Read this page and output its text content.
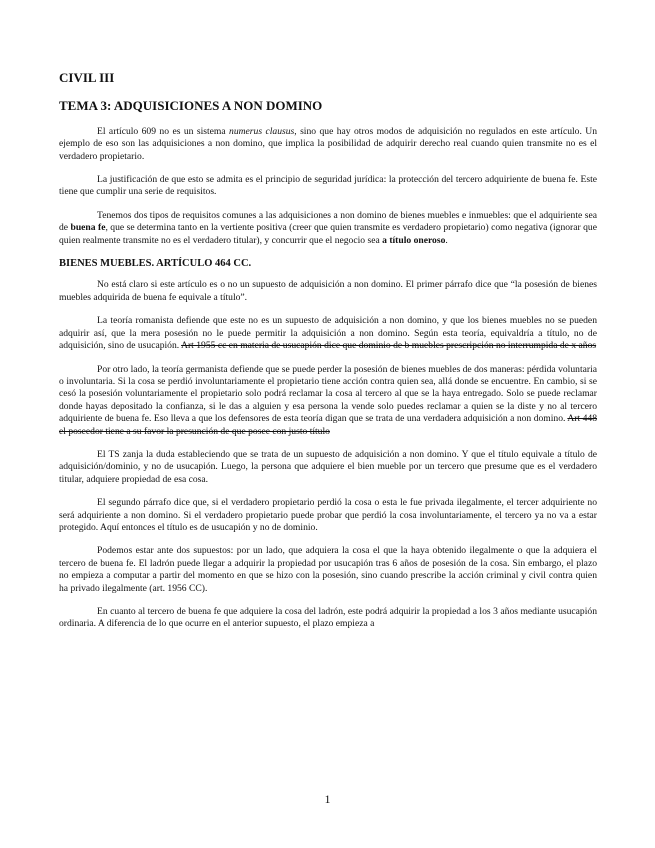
CIVIL III
TEMA 3: ADQUISICIONES A NON DOMINO

El artículo 609 no es un sistema numerus clausus, sino que hay otros modos de adquisición no regulados en este artículo. Un ejemplo de eso son las adquisiciones a non domino, que implica la posibilidad de adquirir derecho real cuando quien transmite no es el verdadero propietario.

La justificación de que esto se admita es el principio de seguridad jurídica: la protección del tercero adquiriente de buena fe. Este tiene que cumplir una serie de requisitos.

Tenemos dos tipos de requisitos comunes a las adquisiciones a non domino de bienes muebles e inmuebles: que el adquiriente sea de buena fe, que se determina tanto en la vertiente positiva (creer que quien transmite es verdadero propietario) como negativa (ignorar que quien realmente transmite no es el verdadero titular), y concurrir que el negocio sea a título oneroso.

BIENES MUEBLES. ARTÍCULO 464 CC.

No está claro si este artículo es o no un supuesto de adquisición a non domino. El primer párrafo dice que “la posesión de bienes muebles adquirida de buena fe equivale a título”.

La teoría romanista defiende que este no es un supuesto de adquisición a non domino, y que los bienes muebles no se pueden adquirir así, que la mera posesión no le puede permitir la adquisición a non domino. Según esta teoría, equivaldría a título, no de adquisición, sino de usucapión. Art 1955 cc en materia de usucapión dice que dominio de b muebles prescripción no interrumpida de x años

Por otro lado, la teoría germanista defiende que se puede perder la posesión de bienes muebles de dos maneras: pérdida voluntaria o involuntaria. Si la cosa se perdió involuntariamente el propietario tiene acción contra quien sea, allá donde se encuentre. En cambio, si se cesó la posesión voluntariamente el propietario solo podrá reclamar la cosa al tercero al que se la haya entregado. Solo se puede reclamar donde hayas depositado la confianza, si le das a alguien y esa persona la vende solo puedes reclamar a quien se la diste y no al tercero adquiriente de buena fe. Eso lleva a que los defensores de esta teoría digan que se trata de una verdadera adquisición a non domino. Art 448 el poseedor tiene a su favor la presunción de que posee con justo título

El TS zanja la duda estableciendo que se trata de un supuesto de adquisición a non domino. Y que el título equivale a título de adquisición/dominio, y no de usucapión. Luego, la persona que adquiere el bien mueble por un tercero que presume que es el verdadero titular, adquiere propiedad de esa cosa.

El segundo párrafo dice que, si el verdadero propietario perdió la cosa o esta le fue privada ilegalmente, el tercer adquiriente no será adquiriente a non domino. Si el verdadero propietario puede probar que perdió la cosa involuntariamente, el tercero ya no va a estar protegido. Aquí entonces el título es de usucapión y no de dominio.

Podemos estar ante dos supuestos: por un lado, que adquiera la cosa el que la haya obtenido ilegalmente o que la adquiera el tercero de buena fe. El ladrón puede llegar a adquirir la propiedad por usucapión tras 6 años de posesión de la cosa. Sin embargo, el plazo no empieza a computar a partir del momento en que se hizo con la posesión, sino cuando prescribe la acción criminal y civil contra quien ha privado ilegalmente (art. 1956 CC).

En cuanto al tercero de buena fe que adquiere la cosa del ladrón, este podrá adquirir la propiedad a los 3 años mediante usucapión ordinaria. A diferencia de lo que ocurre en el anterior supuesto, el plazo empieza a

1
